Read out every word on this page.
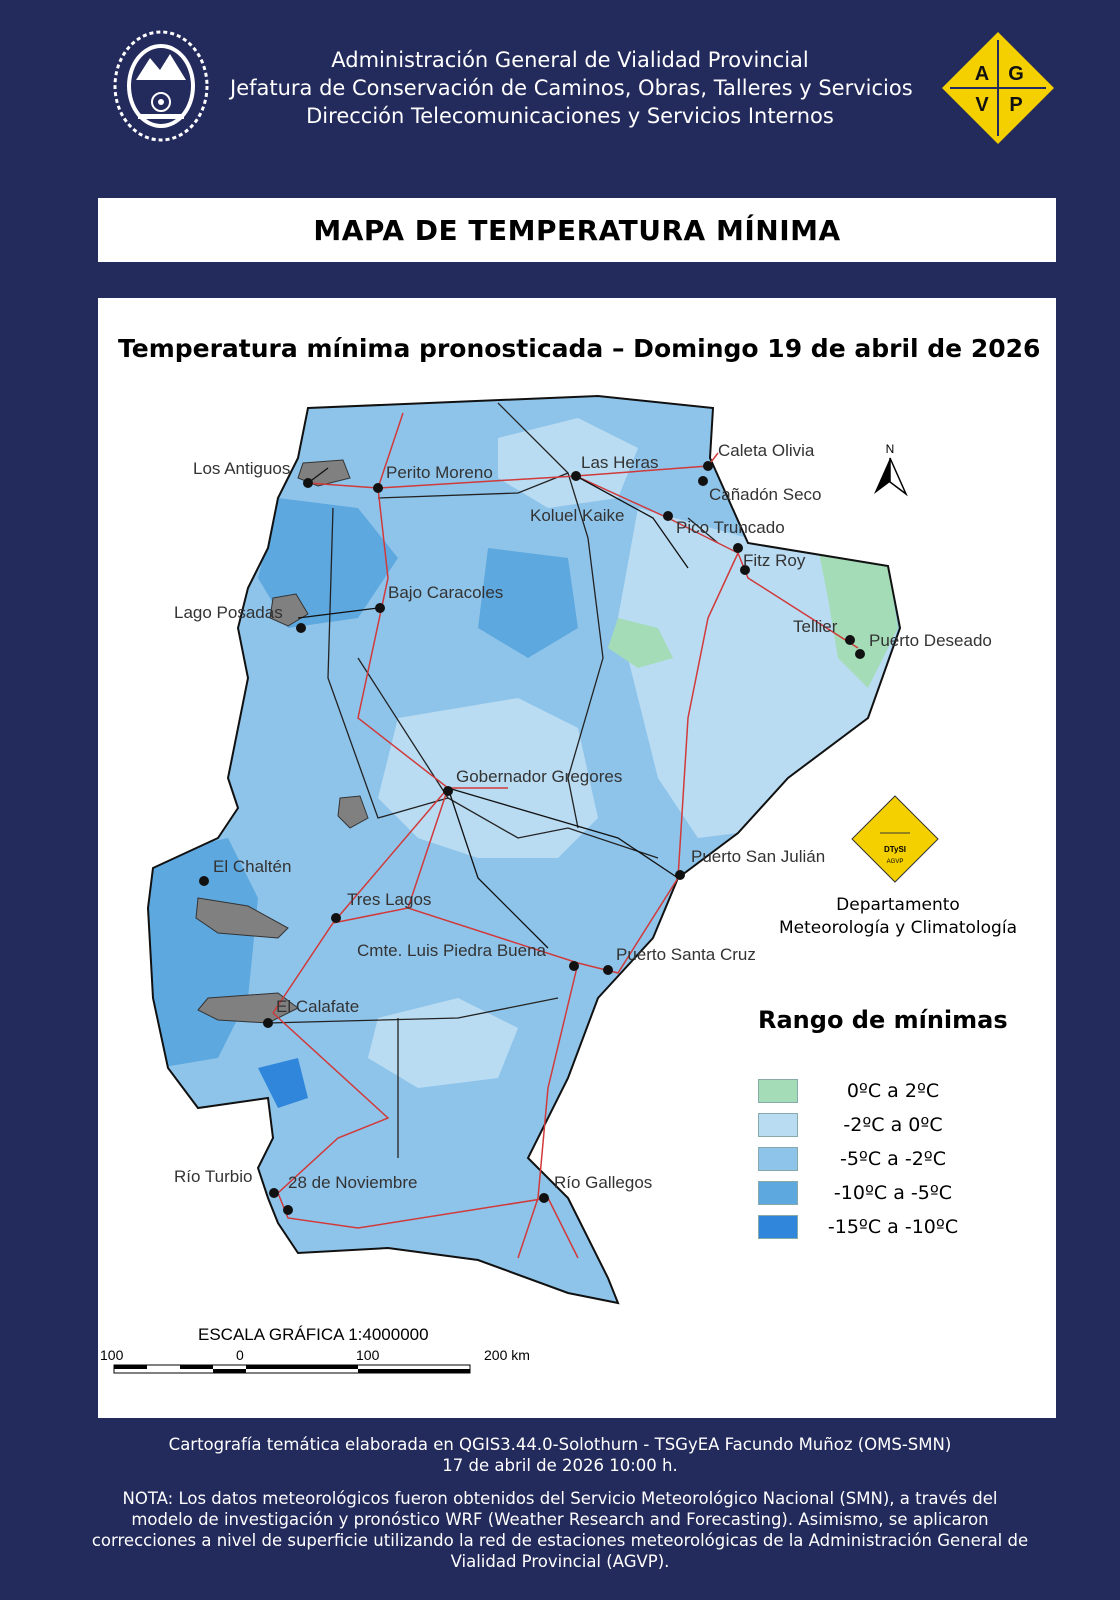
Administración General de Vialidad Provincial
Jefatura de Conservación de Caminos, Obras, Talleres y Servicios
Dirección Telecomunicaciones y Servicios Internos
A G
V P
MAPA DE TEMPERATURA MÍNIMA
Temperatura mínima pronosticada – Domingo 19 de abril de 2026
Caleta Olivia
Los Antiguos	Perito Moreno
Las Heras
Cañadón Seco
Koluel Kaike
Pico Truncado
Fitz Roy
Bajo Caracoles
Lago Posadas
Tellier
Puerto Deseado
Gobernador Gregores
Puerto San Julián
El Chaltén
Tres Lagos
Cmte. Luis Piedra Buena	Puerto Santa Cruz
El Calafate
Río Turbio 28 de Noviembre	Río Gallegos
N
DTySI
AGVP
ESCALA GRÁFICA 1:4000000
100	0	100	200 km
Departamento
Meteorología y Climatología
Rango de mínimas
0ºC a 2ºC
-2ºC a 0ºC
-5ºC a -2ºC
-10ºC a -5ºC
-15ºC a -10ºC
Cartografía temática elaborada en QGIS3.44.0-Solothurn - TSGyEA Facundo Muñoz (OMS-SMN)
17 de abril de 2026 10:00 h.
NOTA: Los datos meteorológicos fueron obtenidos del Servicio Meteorológico Nacional (SMN), a través del modelo de investigación y pronóstico WRF (Weather Research and Forecasting). Asimismo, se aplicaron correcciones a nivel de superficie utilizando la red de estaciones meteorológicas de la Administración General de Vialidad Provincial (AGVP).
